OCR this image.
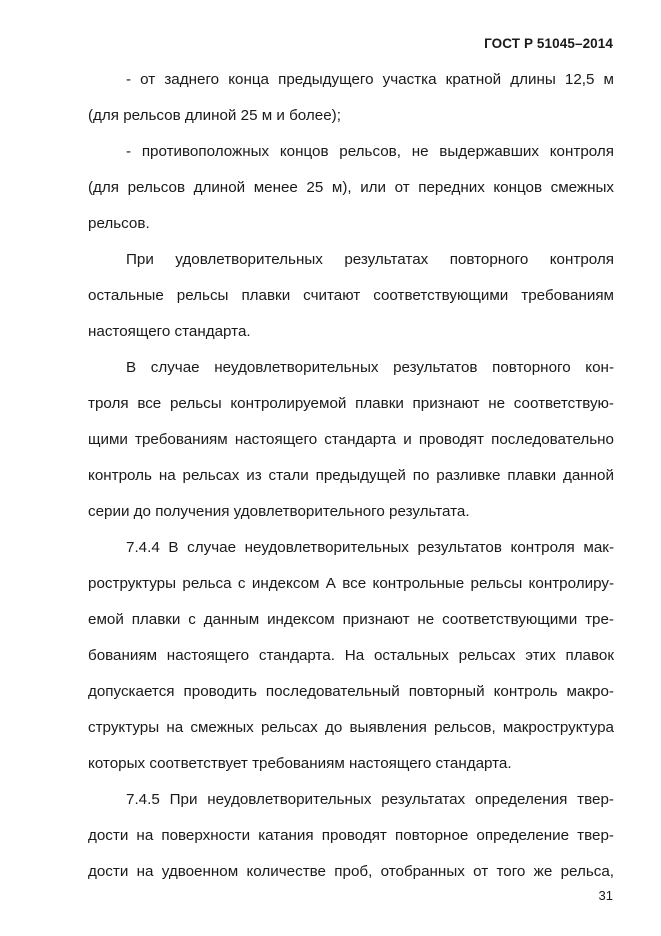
ГОСТ Р 51045–2014
- от заднего конца предыдущего участка кратной длины 12,5 м
(для рельсов длиной 25 м и более);
- противоположных концов рельсов, не выдержавших контроля
(для рельсов длиной менее 25 м), или от передних концов смежных
рельсов.
При удовлетворительных результатах повторного контроля
остальные рельсы плавки считают соответствующими требованиям
настоящего стандарта.
В случае неудовлетворительных результатов повторного кон-
троля все рельсы контролируемой плавки признают не соответствую-
щими требованиям настоящего стандарта и проводят последовательно
контроль на рельсах из стали предыдущей по разливке плавки данной
серии до получения удовлетворительного результата.
7.4.4 В случае неудовлетворительных результатов контроля мак-
роструктуры рельса с индексом А все контрольные рельсы контролиру-
емой плавки с данным индексом признают не соответствующими тре-
бованиям настоящего стандарта. На остальных рельсах этих плавок
допускается проводить последовательный повторный контроль макро-
структуры на смежных рельсах до выявления рельсов, макроструктура
которых соответствует требованиям настоящего стандарта.
7.4.5 При неудовлетворительных результатах определения твер-
дости на поверхности катания проводят повторное определение твер-
дости на удвоенном количестве проб, отобранных от того же рельса,
31
